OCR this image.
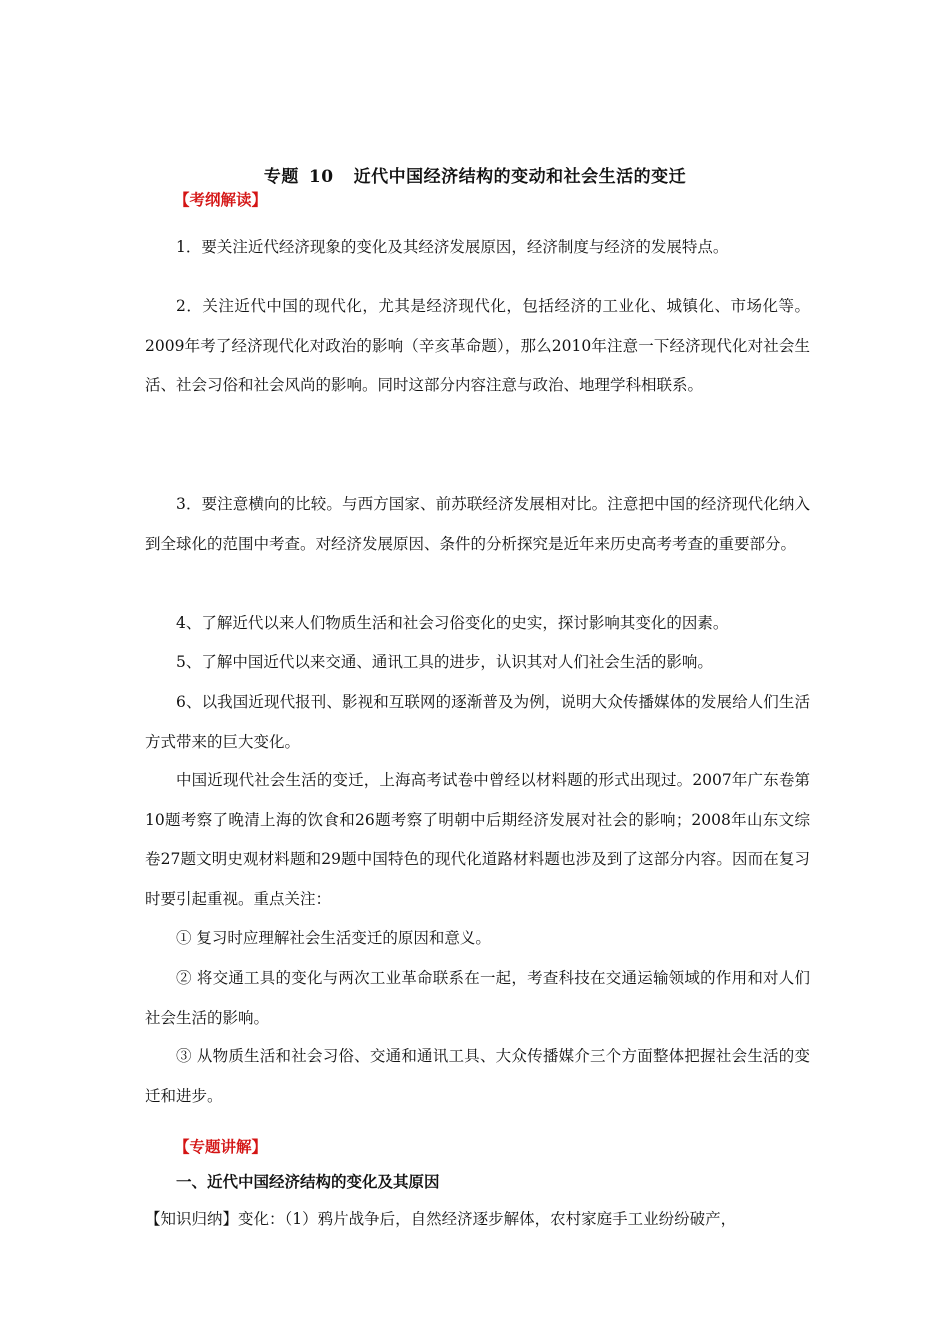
专题 10 近代中国经济结构的变动和社会生活的变迁
【考纲解读】

1．要关注近代经济现象的变化及其经济发展原因，经济制度与经济的发展特点。

2．关注近代中国的现代化，尤其是经济现代化，包括经济的工业化、城镇化、市场化等。2009年考了经济现代化对政治的影响（辛亥革命题），那么2010年注意一下经济现代化对社会生活、社会习俗和社会风尚的影响。同时这部分内容注意与政治、地理学科相联系。

3．要注意横向的比较。与西方国家、前苏联经济发展相对比。注意把中国的经济现代化纳入到全球化的范围中考查。对经济发展原因、条件的分析探究是近年来历史高考考查的重要部分。

4、了解近代以来人们物质生活和社会习俗变化的史实，探讨影响其变化的因素。

5、了解中国近代以来交通、通讯工具的进步，认识其对人们社会生活的影响。

6、以我国近现代报刊、影视和互联网的逐渐普及为例，说明大众传播媒体的发展给人们生活方式带来的巨大变化。

中国近现代社会生活的变迁，上海高考试卷中曾经以材料题的形式出现过。2007年广东卷第10题考察了晚清上海的饮食和26题考察了明朝中后期经济发展对社会的影响；2008年山东文综卷27题文明史观材料题和29题中国特色的现代化道路材料题也涉及到了这部分内容。因而在复习时要引起重视。重点关注：

① 复习时应理解社会生活变迁的原因和意义。

② 将交通工具的变化与两次工业革命联系在一起，考查科技在交通运输领域的作用和对人们社会生活的影响。

③ 从物质生活和社会习俗、交通和通讯工具、大众传播媒介三个方面整体把握社会生活的变迁和进步。

【专题讲解】
一、近代中国经济结构的变化及其原因
【知识归纳】变化：（1）鸦片战争后，自然经济逐步解体，农村家庭手工业纷纷破产，
